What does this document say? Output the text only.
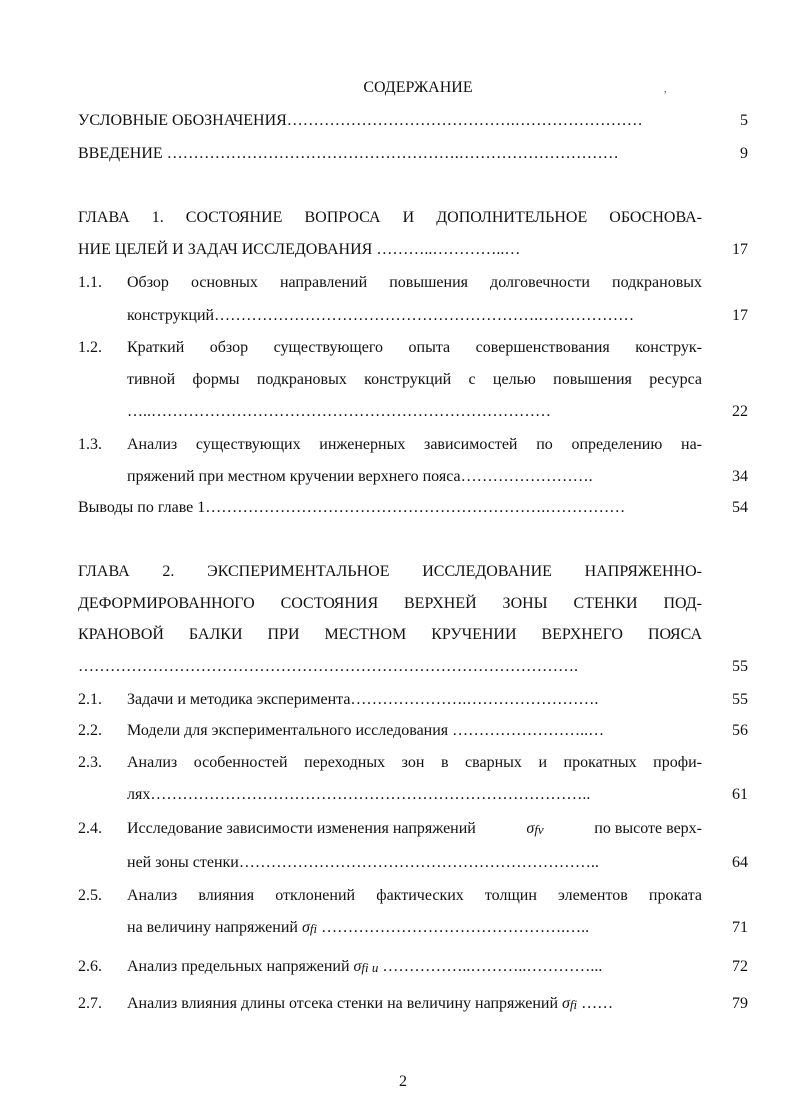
СОДЕРЖАНИЕ	,
УСЛОВНЫЕ ОБОЗНАЧЕНИЯ…………………………………….……………………	5
ВВЕДЕНИЕ ……………………………………………….…………………………	9
ГЛАВА 1. СОСТОЯНИЕ ВОПРОСА И ДОПОЛНИТЕЛЬНОЕ ОБОСНОВА-
НИЕ ЦЕЛЕЙ И ЗАДАЧ ИССЛЕДОВАНИЯ ………..…………..…	17
1.1. Обзор основных направлений повышения долговечности подкрановых
конструкций…………………………………………………….………………	17
1.2. Краткий обзор существующего опыта совершенствования конструк-
тивной формы подкрановых конструкций с целью повышения ресурса
…..…………………………………………………………………	22
1.3. Анализ существующих инженерных зависимостей по определению на-
пряжений при местном кручении верхнего пояса…………………….	34
Выводы по главе 1……………………………………………………….……………	54
ГЛАВА 2. ЭКСПЕРИМЕНТАЛЬНОЕ ИССЛЕДОВАНИЕ НАПРЯЖЕННО-
ДЕФОРМИРОВАННОГО СОСТОЯНИЯ ВЕРХНЕЙ ЗОНЫ СТЕНКИ ПОД-
КРАНОВОЙ БАЛКИ ПРИ МЕСТНОМ КРУЧЕНИИ ВЕРХНЕГО ПОЯСА
………………………………………………………………………………….	55
2.1. Задачи и методика эксперимента………………….…………………….	55
2.2. Модели для экспериментального исследования ……………………..…	56
2.3. Анализ особенностей переходных зон в сварных и прокатных профи-
лях………………………………………………………………………..	61
2.4. Исследование зависимости изменения напряжений	σfv	по высоте верх-
ней зоны стенки…………………………………………………………..	64
2.5. Анализ влияния отклонений фактических толщин элементов проката
на величину напряжений σfi ……………………………………….…..	71
2.6. Анализ предельных напряжений σfi u ……………..………..…………...	72
2.7. Анализ влияния длины отсека стенки на величину напряжений σfi ……	79
2
